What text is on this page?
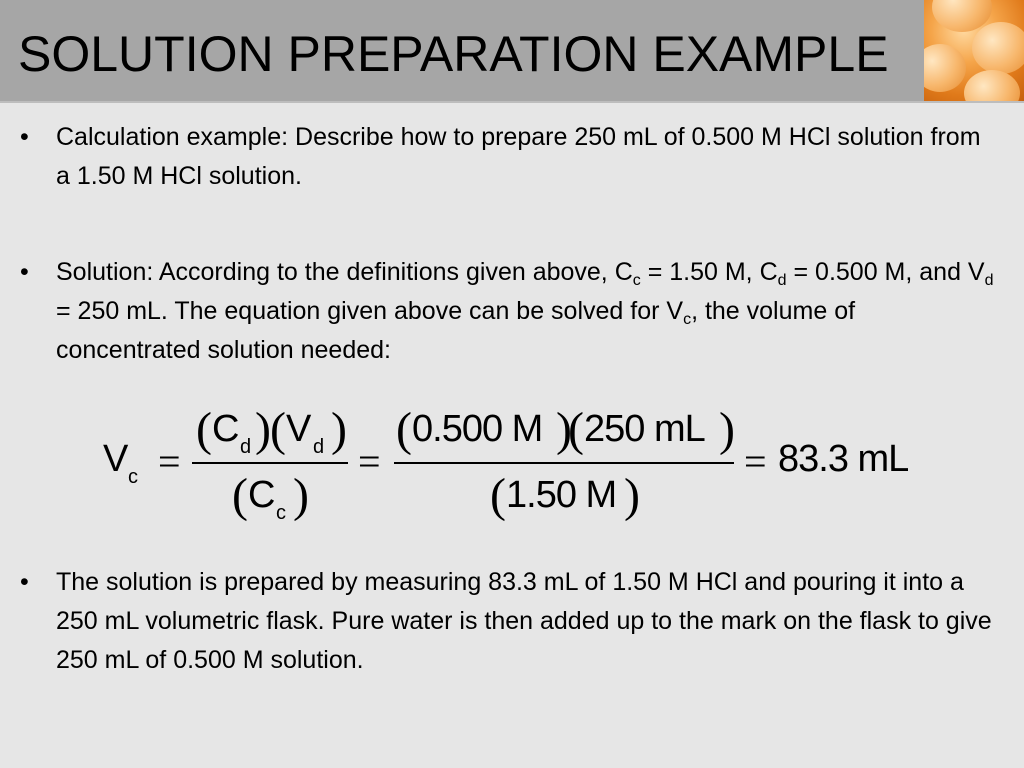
SOLUTION PREPARATION EXAMPLE
• Calculation example: Describe how to prepare 250 mL of 0.500 M HCl solution from a 1.50 M HCl solution.
• Solution: According to the definitions given above, $C_c = 1.50$ M, $C_d = 0.500$ M, and $V_d = 250$ mL. The equation given above can be solved for $V_c$, the volume of concentrated solution needed:
V c =
( C d ) ( V d )
( C c )
=
( 0.500 M )
( 250 mL )
( 1.50 M )
= 83.3 mL
• The solution is prepared by measuring 83.3 mL of 1.50 M HCl and pouring it into a 250 mL volumetric flask. Pure water is then added up to the mark on the flask to give 250 mL of 0.500 M solution.
